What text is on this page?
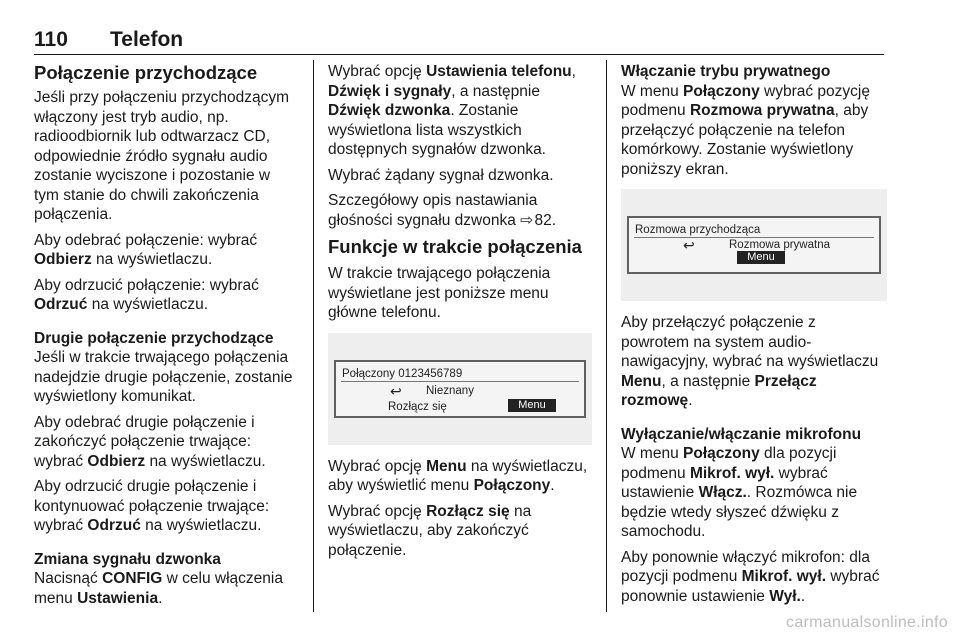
110 Telefon
Połączenie przychodzące

Jeśli przy połączeniu przychodzącym włączony jest tryb audio, np. radioodbiornik lub odtwarzacz CD, odpowiednie źródło sygnału audio zostanie wyciszone i pozostanie w tym stanie do chwili zakończenia połączenia.

Aby odebrać połączenie: wybrać Odbierz na wyświetlaczu.

Aby odrzucić połączenie: wybrać Odrzuć na wyświetlaczu.

Drugie połączenie przychodzące

Jeśli w trakcie trwającego połączenia nadejdzie drugie połączenie, zostanie wyświetlony komunikat.

Aby odebrać drugie połączenie i zakończyć połączenie trwające: wybrać Odbierz na wyświetlaczu.

Aby odrzucić drugie połączenie i kontynuować połączenie trwające: wybrać Odrzuć na wyświetlaczu.

Zmiana sygnału dzwonka

Nacisnąć CONFIG w celu włączenia menu Ustawienia.

Wybrać opcję Ustawienia telefonu, Dźwięk i sygnały, a następnie Dźwięk dzwonka. Zostanie wyświetlona lista wszystkich dostępnych sygnałów dzwonka.

Wybrać żądany sygnał dzwonka.

Szczegółowy opis nastawiania głośności sygnału dzwonka ⇨ 82.

Funkcje w trakcie połączenia

W trakcie trwającego połączenia wyświetlane jest poniższe menu główne telefonu.

Połączony 0123456789
↩ Nieznany
Rozłącz się	Menu

Wybrać opcję Menu na wyświetlaczu, aby wyświetlić menu Połączony.

Wybrać opcję Rozłącz się na wyświetlaczu, aby zakończyć połączenie.

Włączanie trybu prywatnego

W menu Połączony wybrać pozycję podmenu Rozmowa prywatna, aby przełączyć połączenie na telefon komórkowy. Zostanie wyświetlony poniższy ekran.

Rozmowa przychodząca
↩	Rozmowa prywatna
Menu

Aby przełączyć połączenie z powrotem na system audio-nawigacyjny, wybrać na wyświetlaczu Menu, a następnie Przełącz rozmowę.

Wyłączanie/włączanie mikrofonu

W menu Połączony dla pozycji podmenu Mikrof. wył. wybrać ustawienie Włącz.. Rozmówca nie będzie wtedy słyszeć dźwięku z samochodu.

Aby ponownie włączyć mikrofon: dla pozycji podmenu Mikrof. wył. wybrać ponownie ustawienie Wył..

carmanualsonline.info
